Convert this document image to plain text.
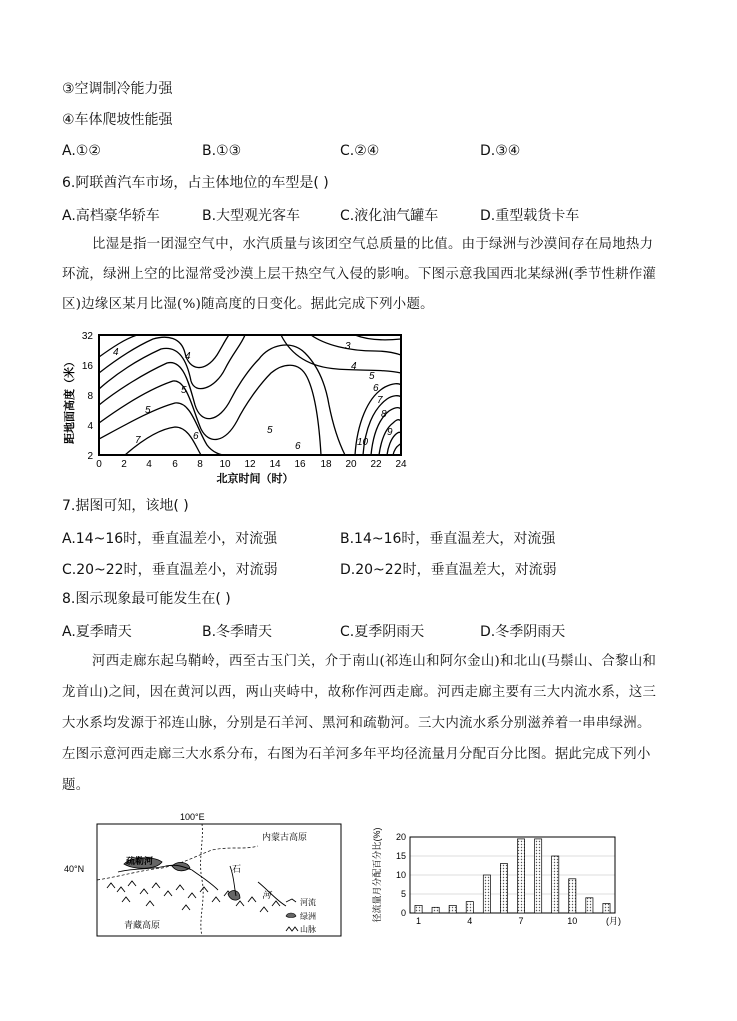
③空调制冷能力强
④车体爬坡性能强
A.①②	B.①③	C.②④	D.③④
6.阿联酋汽车市场，占主体地位的车型是( )
A.高档豪华轿车	B.大型观光客车	C.液化油气罐车	D.重型载货卡车
比湿是指一团湿空气中，水汽质量与该团空气总质量的比值。由于绿洲与沙漠间存在局地热力
环流，绿洲上空的比湿常受沙漠上层干热空气入侵的影响。下图示意我国西北某绿洲(季节性耕作灌
区)边缘区某月比湿(%)随高度的日变化。据此完成下列小题。
距地面高度（米）
32
16
8
4
2
4	4
5
5
6
7
5
6
3
4
5
6
7
8
9
10
0 2 4 6 8 10 12 14 16 18 20 22 24
北京时间（时）
7.据图可知，该地( )
A.14~16时，垂直温差小，对流强	B.14~16时，垂直温差大，对流强
C.20~22时，垂直温差小，对流弱	D.20~22时，垂直温差大，对流弱
8.图示现象最可能发生在( )
A.夏季晴天	B.冬季晴天	C.夏季阴雨天	D.冬季阴雨天
河西走廊东起乌鞘岭，西至古玉门关，介于南山(祁连山和阿尔金山)和北山(马鬃山、合黎山和
龙首山)之间，因在黄河以西，两山夹峙中，故称作河西走廊。河西走廊主要有三大内流水系，这三
大水系均发源于祁连山脉，分别是石羊河、黑河和疏勒河。三大内流水系分别滋养着一串串绿洲。
左图示意河西走廊三大水系分布，右图为石羊河多年平均径流量月分配百分比图。据此完成下列小
题。
100°E
40°N
疏勒河
内蒙古高原
青藏高原
石
河
河流
绿洲
山脉
径流量月分配百分比(%) 0
5
10
15
20
1	4	7	10	(月)
